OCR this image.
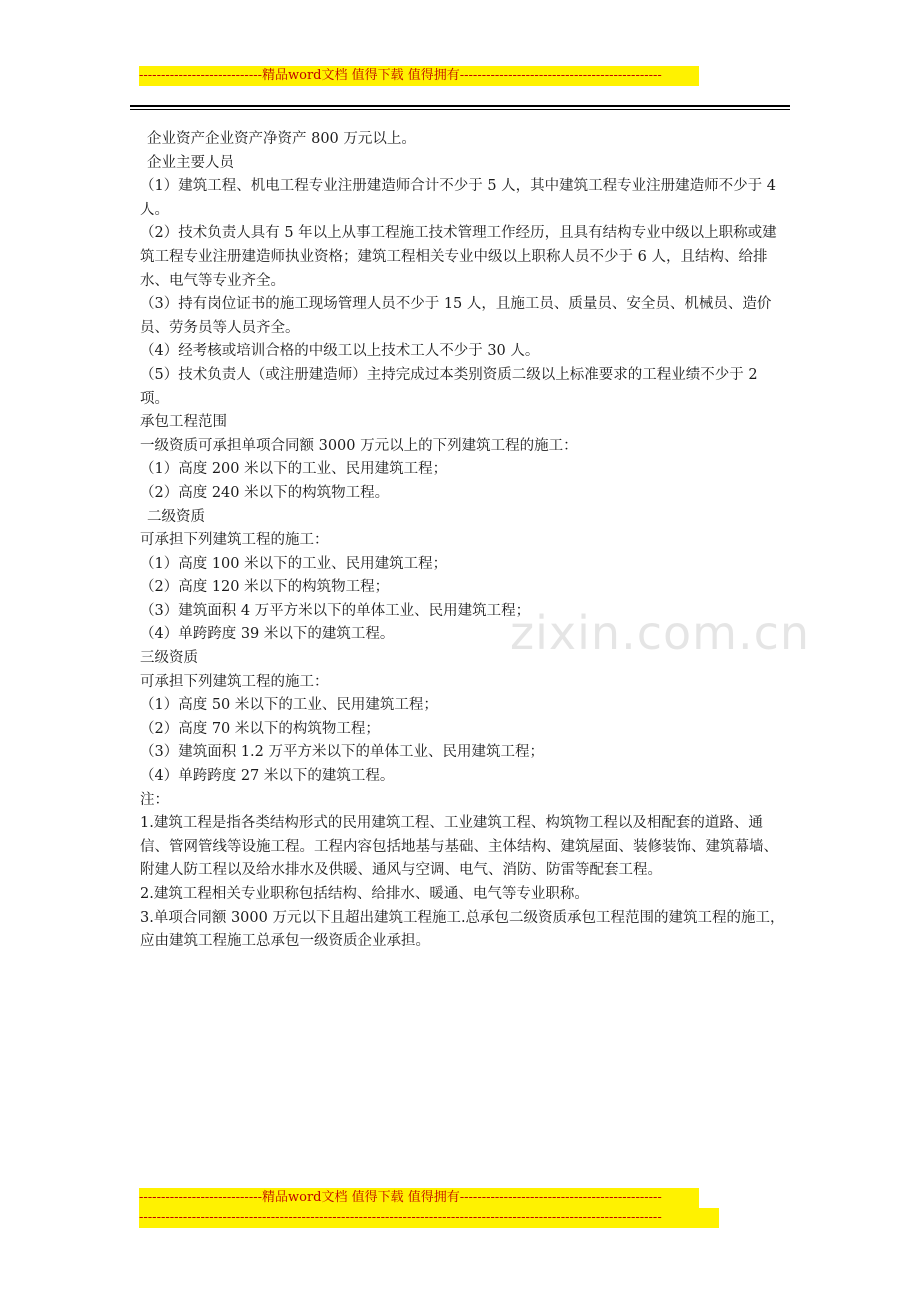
----------------------------精品word文档 值得下载 值得拥有----------------------------------------------
zixin.com.cn

企业资产企业资产净资产 800 万元以上。

企业主要人员

（1）建筑工程、机电工程专业注册建造师合计不少于 5 人，其中建筑工程专业注册建造师不少于 4 人。

（2）技术负责人具有 5 年以上从事工程施工技术管理工作经历，且具有结构专业中级以上职称或建筑工程专业注册建造师执业资格；建筑工程相关专业中级以上职称人员不少于 6 人，且结构、给排水、电气等专业齐全。

（3）持有岗位证书的施工现场管理人员不少于 15 人，且施工员、质量员、安全员、机械员、造价员、劳务员等人员齐全。

（4）经考核或培训合格的中级工以上技术工人不少于 30 人。

（5）技术负责人（或注册建造师）主持完成过本类别资质二级以上标准要求的工程业绩不少于 2 项。

承包工程范围

一级资质可承担单项合同额 3000 万元以上的下列建筑工程的施工：

（1）高度 200 米以下的工业、民用建筑工程；

（2）高度 240 米以下的构筑物工程。

二级资质

可承担下列建筑工程的施工：

（1）高度 100 米以下的工业、民用建筑工程；

（2）高度 120 米以下的构筑物工程；

（3）建筑面积 4 万平方米以下的单体工业、民用建筑工程；

（4）单跨跨度 39 米以下的建筑工程。

三级资质

可承担下列建筑工程的施工：

（1）高度 50 米以下的工业、民用建筑工程；

（2）高度 70 米以下的构筑物工程；

（3）建筑面积 1.2 万平方米以下的单体工业、民用建筑工程；

（4）单跨跨度 27 米以下的建筑工程。

注：

1.建筑工程是指各类结构形式的民用建筑工程、工业建筑工程、构筑物工程以及相配套的道路、通信、管网管线等设施工程。工程内容包括地基与基础、主体结构、建筑屋面、装修装饰、建筑幕墙、附建人防工程以及给水排水及供暖、通风与空调、电气、消防、防雷等配套工程。

2.建筑工程相关专业职称包括结构、给排水、暖通、电气等专业职称。

3.单项合同额 3000 万元以下且超出建筑工程施工.总承包二级资质承包工程范围的建筑工程的施工，应由建筑工程施工总承包一级资质企业承担。

----------------------------精品word文档 值得下载 值得拥有----------------------------------------------
-----------------------------------------------------------------------------------------------------------------------
